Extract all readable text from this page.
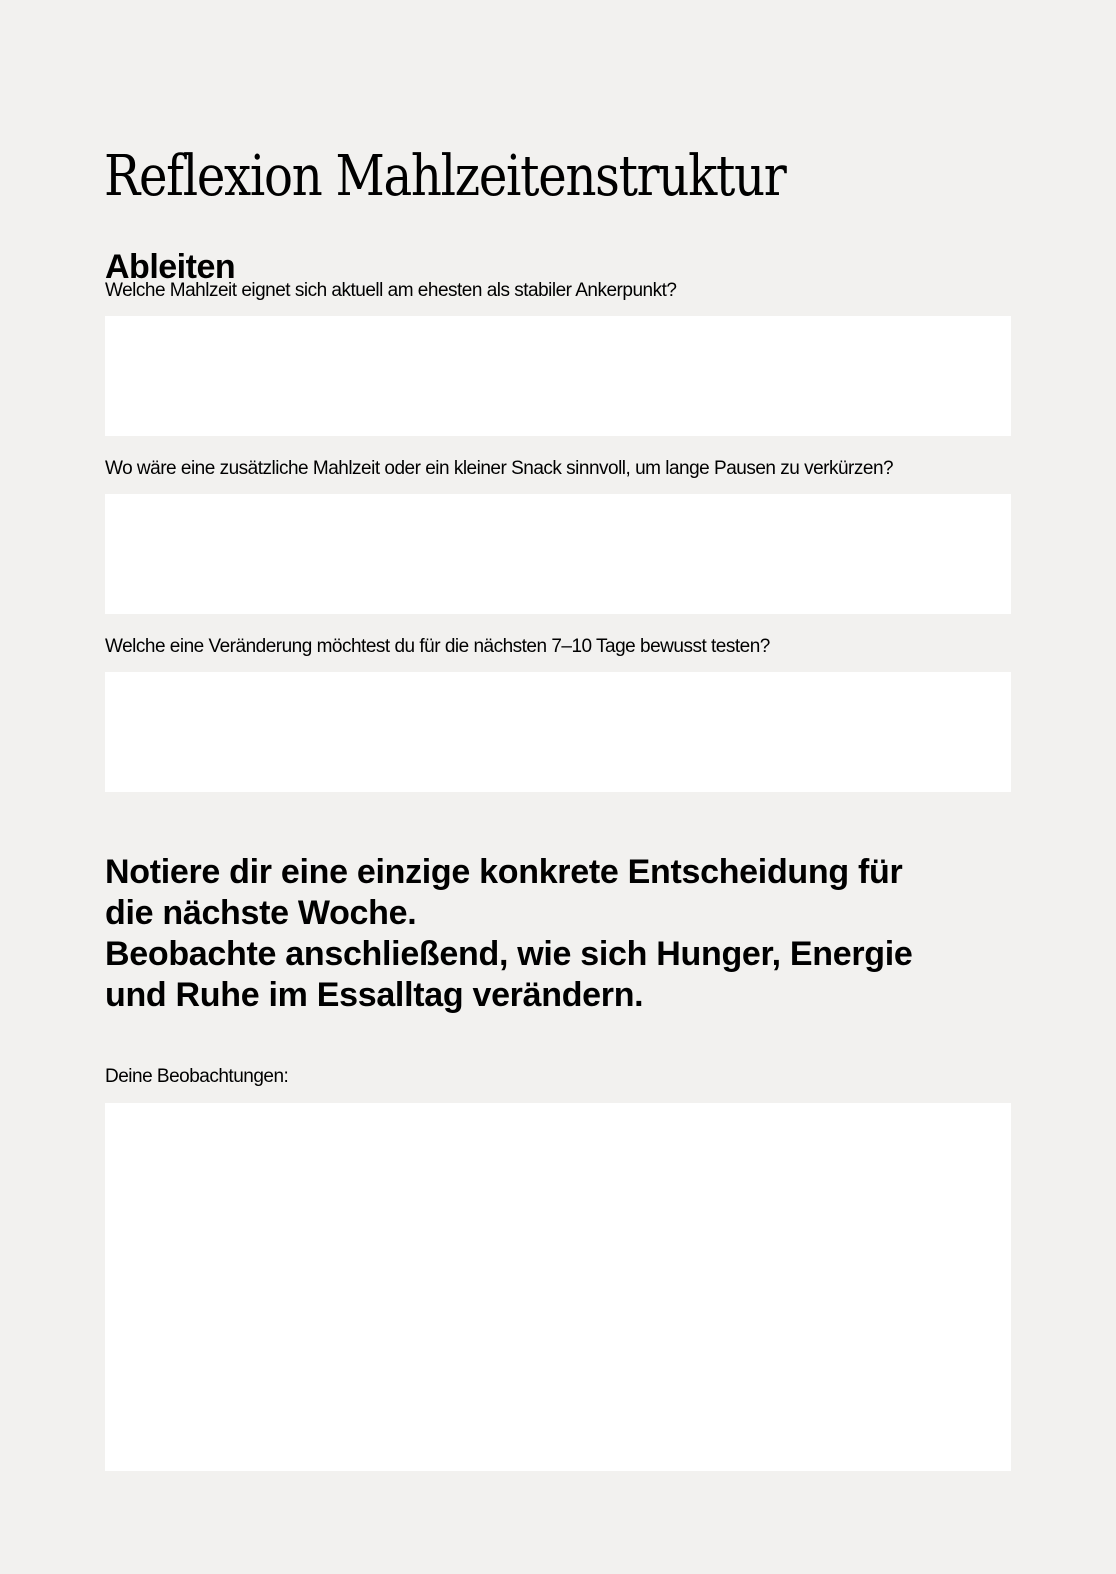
Reflexion Mahlzeitenstruktur
Ableiten
Welche Mahlzeit eignet sich aktuell am ehesten als stabiler Ankerpunkt?
Wo wäre eine zusätzliche Mahlzeit oder ein kleiner Snack sinnvoll, um lange Pausen zu verkürzen?
Welche eine Veränderung möchtest du für die nächsten 7–10 Tage bewusst testen?
Notiere dir eine einzige konkrete Entscheidung für
die nächste Woche.
Beobachte anschließend, wie sich Hunger, Energie
und Ruhe im Essalltag verändern.
Deine Beobachtungen:
